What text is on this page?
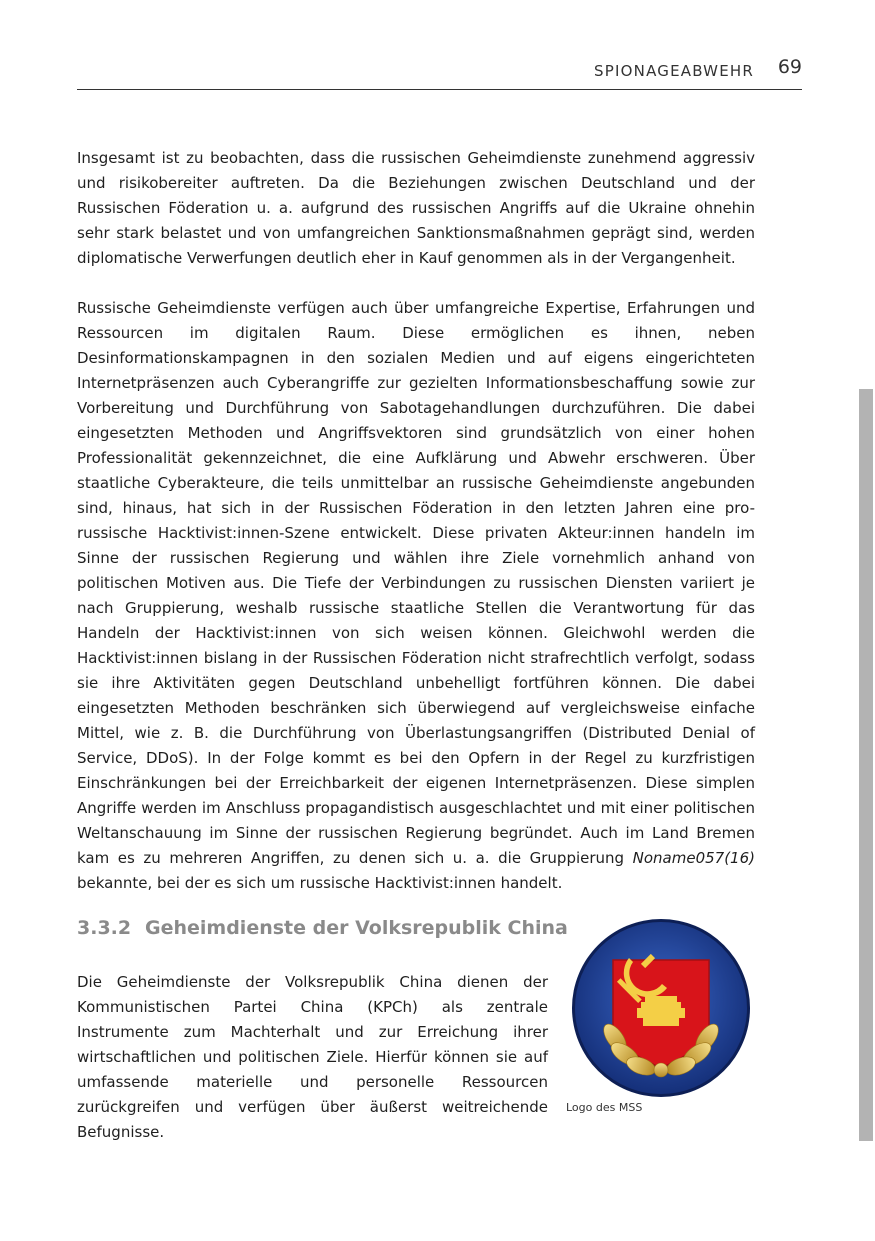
SPIONAGEABWEHR 69

Insgesamt ist zu beobachten, dass die russischen Geheimdienste zunehmend aggressiv und risikobereiter auftreten. Da die Beziehungen zwischen Deutschland und der Russischen Föderation u. a. aufgrund des russischen Angriffs auf die Ukraine ohnehin sehr stark belastet und von umfangreichen Sanktionsmaßnahmen geprägt sind, werden diplomatische Verwerfungen deutlich eher in Kauf genommen als in der Vergangenheit.

Russische Geheimdienste verfügen auch über umfangreiche Expertise, Erfahrungen und Ressourcen im digitalen Raum. Diese ermöglichen es ihnen, neben Desinformationskampagnen in den sozialen Medien und auf eigens eingerichteten Internetpräsenzen auch Cyberangriffe zur gezielten Informationsbeschaffung sowie zur Vorbereitung und Durchführung von Sabotagehandlungen durchzuführen. Die dabei eingesetzten Methoden und Angriffsvektoren sind grundsätzlich von einer hohen Professionalität gekennzeichnet, die eine Aufklärung und Abwehr erschweren. Über staatliche Cyberakteure, die teils unmittelbar an russische Geheimdienste angebunden sind, hinaus, hat sich in der Russischen Föderation in den letzten Jahren eine pro-russische Hacktivist:innen-Szene entwickelt. Diese privaten Akteur:innen handeln im Sinne der russischen Regierung und wählen ihre Ziele vornehmlich anhand von politischen Motiven aus. Die Tiefe der Verbindungen zu russischen Diensten variiert je nach Gruppierung, weshalb russische staatliche Stellen die Verantwortung für das Handeln der Hacktivist:innen von sich weisen können. Gleichwohl werden die Hacktivist:innen bislang in der Russischen Föderation nicht strafrechtlich verfolgt, sodass sie ihre Aktivitäten gegen Deutschland unbehelligt fortführen können. Die dabei eingesetzten Methoden beschränken sich überwiegend auf vergleichsweise einfache Mittel, wie z. B. die Durchführung von Überlastungsangriffen (Distributed Denial of Service, DDoS). In der Folge kommt es bei den Opfern in der Regel zu kurzfristigen Einschränkungen bei der Erreichbarkeit der eigenen Internetpräsenzen. Diese simplen Angriffe werden im Anschluss propagandistisch ausgeschlachtet und mit einer politischen Weltanschauung im Sinne der russischen Regierung begründet. Auch im Land Bremen kam es zu mehreren Angriffen, zu denen sich u. a. die Gruppierung Noname057(16) bekannte, bei der es sich um russische Hacktivist:innen handelt.

3.3.2 Geheimdienste der Volksrepublik China

Die Geheimdienste der Volksrepublik China dienen der Kommunistischen Partei China (KPCh) als zentrale Instrumente zum Machterhalt und zur Erreichung ihrer wirtschaftlichen und politischen Ziele. Hierfür können sie auf umfassende materielle und personelle Ressourcen zurückgreifen und verfügen über äußerst weitreichende Befugnisse.

Logo des MSS
